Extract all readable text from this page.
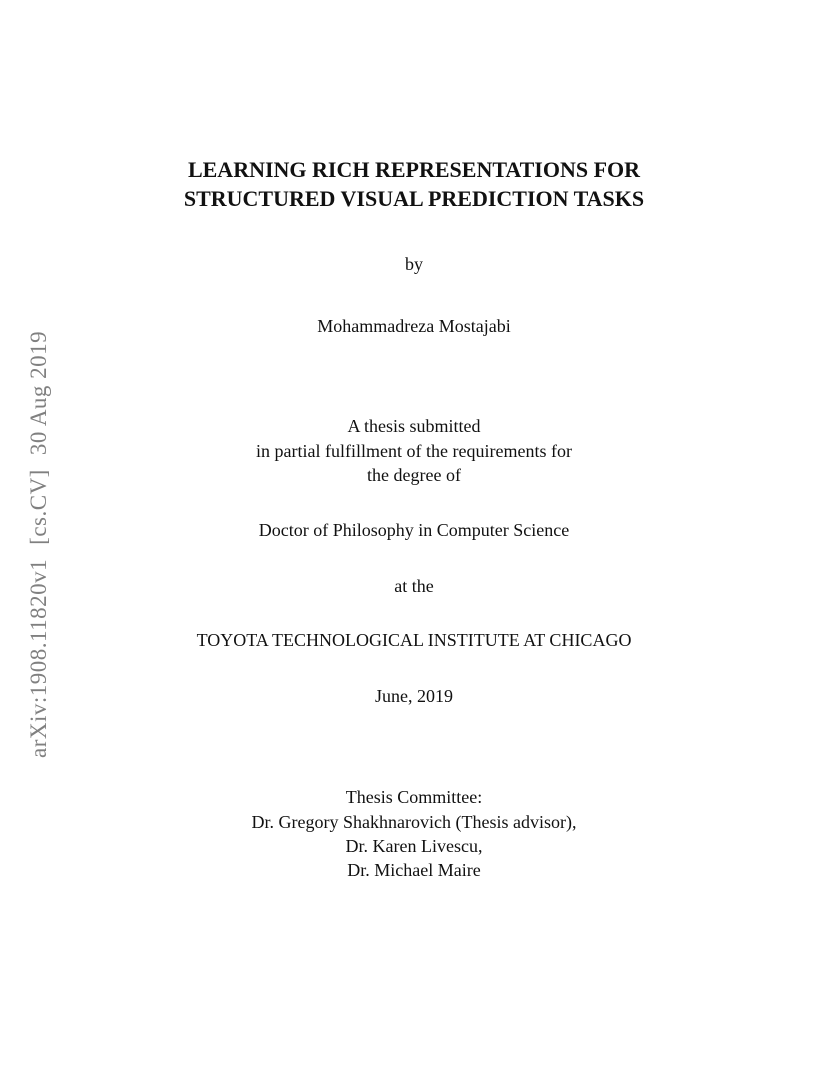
arXiv:1908.11820v1[cs.CV]30 Aug 2019
LEARNING RICH REPRESENTATIONS FOR
STRUCTURED VISUAL PREDICTION TASKS
by
Mohammadreza Mostajabi
A thesis submitted
in partial fulfillment of the requirements for
the degree of
Doctor of Philosophy in Computer Science
at the
TOYOTA TECHNOLOGICAL INSTITUTE AT CHICAGO
June, 2019
Thesis Committee:
Dr. Gregory Shakhnarovich (Thesis advisor),
Dr. Karen Livescu,
Dr. Michael Maire
